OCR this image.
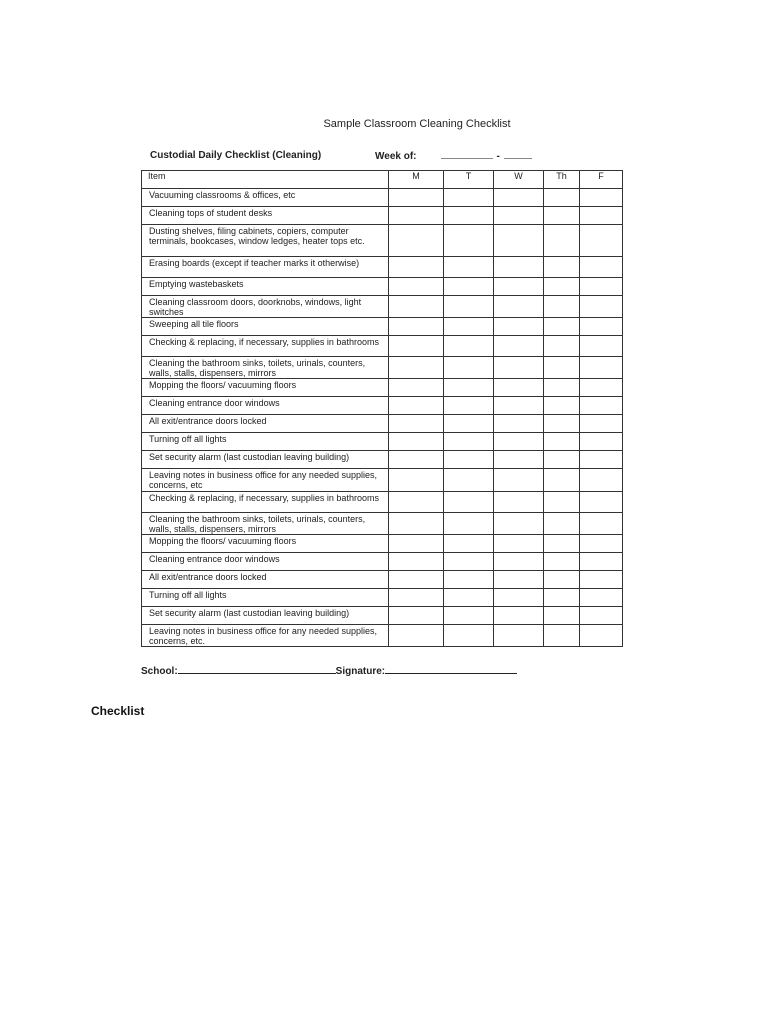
Sample Classroom Cleaning Checklist
Custodial Daily Checklist (Cleaning)	Week of:	-
Item	M	T	W	Th	F
Vacuuming classrooms & offices, etc					
Cleaning tops of student desks					
Dusting shelves, filing cabinets, copiers, computer terminals, bookcases, window ledges, heater tops etc.					
Erasing boards (except if teacher marks it otherwise)					
Emptying wastebaskets					
Cleaning classroom doors, doorknobs, windows, light switches					
Sweeping all tile floors					
Checking & replacing, if necessary, supplies in bathrooms					
Cleaning the bathroom sinks, toilets, urinals, counters, walls, stalls, dispensers, mirrors					
Mopping the floors/ vacuuming floors					
Cleaning entrance door windows					
All exit/entrance doors locked					
Turning off all lights					
Set security alarm (last custodian leaving building)					
Leaving notes in business office for any needed supplies, concerns, etc					
Checking & replacing, if necessary, supplies in bathrooms					
Cleaning the bathroom sinks, toilets, urinals, counters, walls, stalls, dispensers, mirrors					
Mopping the floors/ vacuuming floors					
Cleaning entrance door windows					
All exit/entrance doors locked					
Turning off all lights					
Set security alarm (last custodian leaving building)					
Leaving notes in business office for any needed supplies, concerns, etc.					
School:	Signature:
Checklist
